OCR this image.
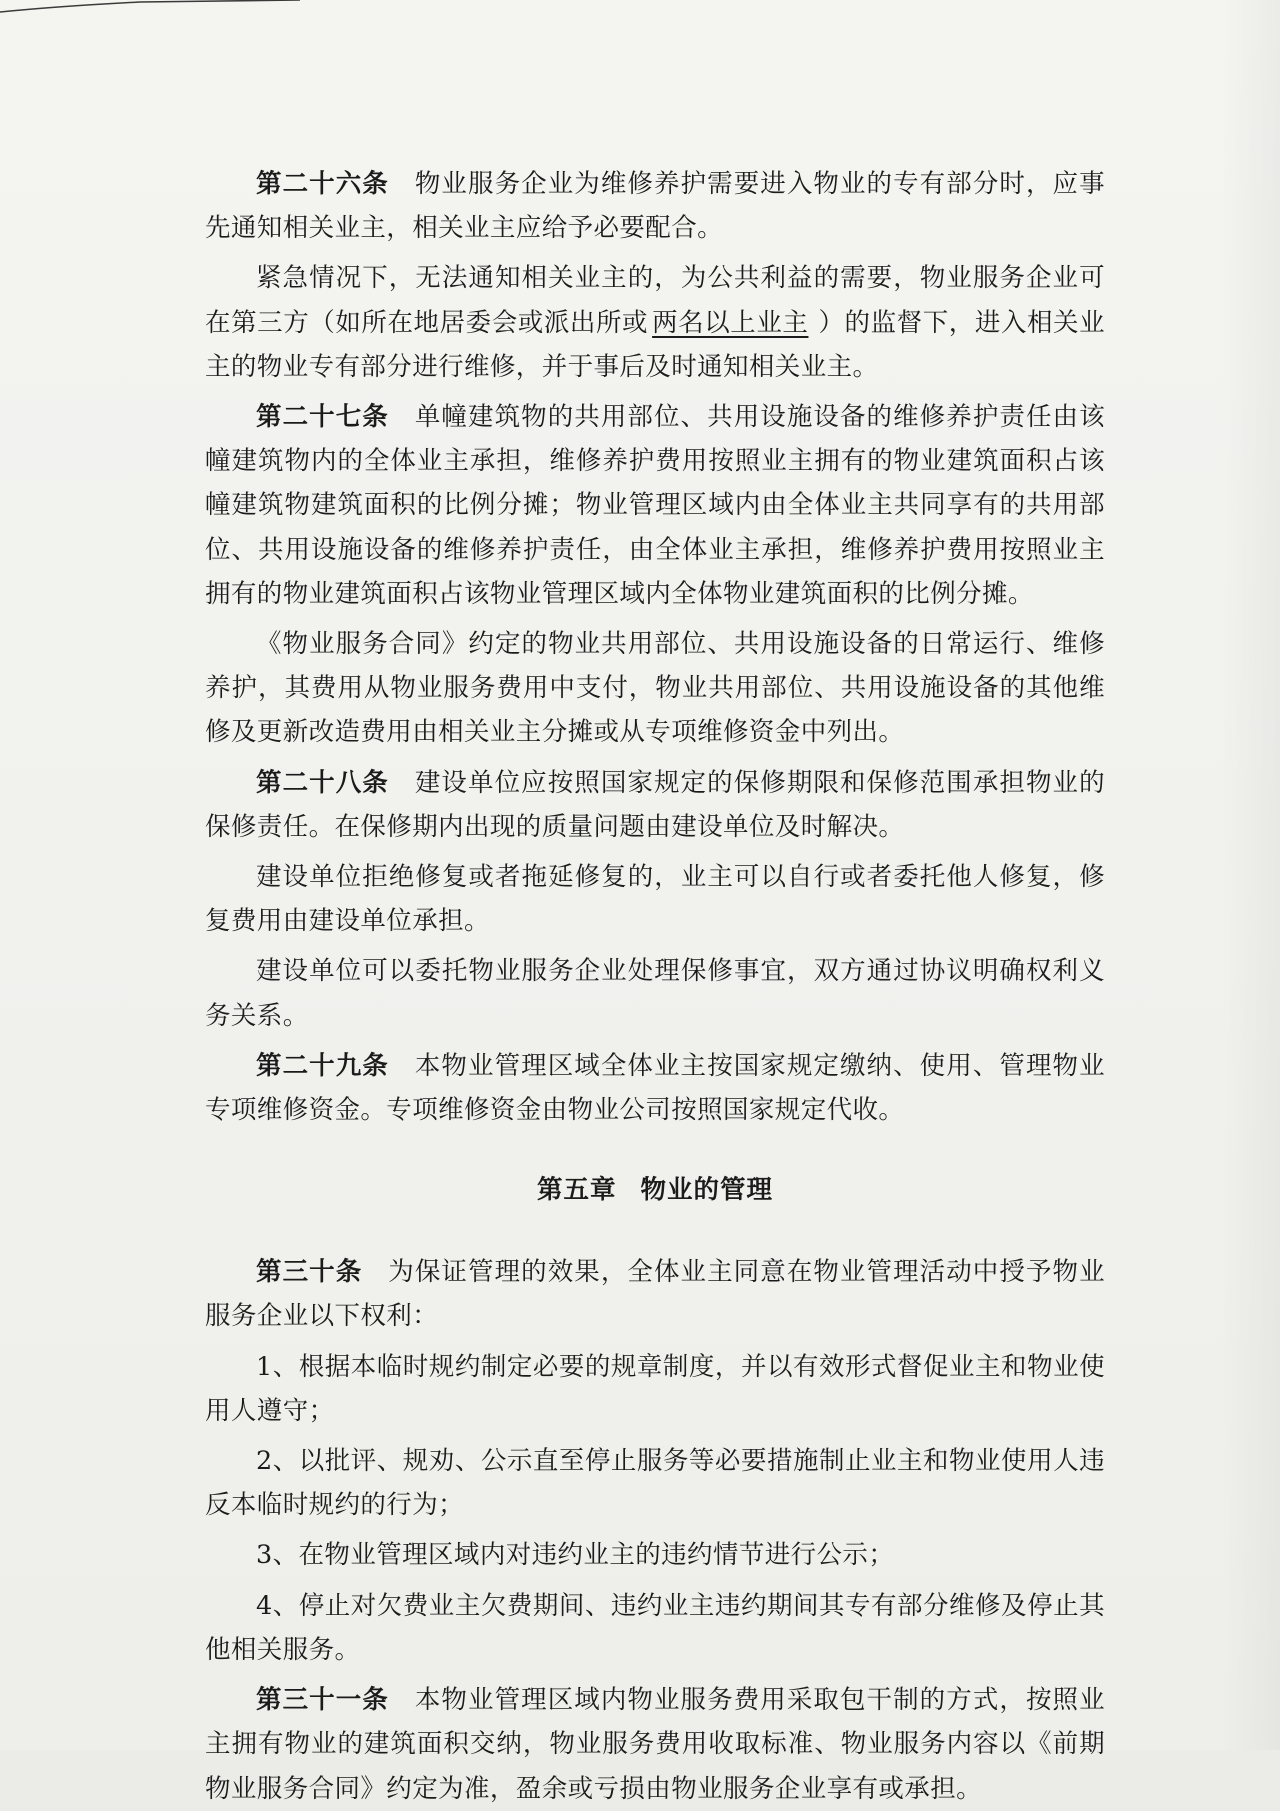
第二十六条 物业服务企业为维修养护需要进入物业的专有部分时，应事先通知相关业主，相关业主应给予必要配合。

紧急情况下，无法通知相关业主的，为公共利益的需要，物业服务企业可在第三方（如所在地居委会或派出所或 两名以上业主 ）的监督下，进入相关业主的物业专有部分进行维修，并于事后及时通知相关业主。

第二十七条 单幢建筑物的共用部位、共用设施设备的维修养护责任由该幢建筑物内的全体业主承担，维修养护费用按照业主拥有的物业建筑面积占该幢建筑物建筑面积的比例分摊；物业管理区域内由全体业主共同享有的共用部位、共用设施设备的维修养护责任，由全体业主承担，维修养护费用按照业主拥有的物业建筑面积占该物业管理区域内全体物业建筑面积的比例分摊。

《物业服务合同》约定的物业共用部位、共用设施设备的日常运行、维修养护，其费用从物业服务费用中支付，物业共用部位、共用设施设备的其他维修及更新改造费用由相关业主分摊或从专项维修资金中列出。

第二十八条 建设单位应按照国家规定的保修期限和保修范围承担物业的保修责任。在保修期内出现的质量问题由建设单位及时解决。

建设单位拒绝修复或者拖延修复的，业主可以自行或者委托他人修复，修复费用由建设单位承担。

建设单位可以委托物业服务企业处理保修事宜，双方通过协议明确权利义务关系。

第二十九条 本物业管理区域全体业主按国家规定缴纳、使用、管理物业专项维修资金。专项维修资金由物业公司按照国家规定代收。

第五章 物业的管理

第三十条 为保证管理的效果，全体业主同意在物业管理活动中授予物业服务企业以下权利：

1、根据本临时规约制定必要的规章制度，并以有效形式督促业主和物业使用人遵守；

2、以批评、规劝、公示直至停止服务等必要措施制止业主和物业使用人违反本临时规约的行为；

3、在物业管理区域内对违约业主的违约情节进行公示；

4、停止对欠费业主欠费期间、违约业主违约期间其专有部分维修及停止其他相关服务。

第三十一条 本物业管理区域内物业服务费用采取包干制的方式，按照业主拥有物业的建筑面积交纳，物业服务费用收取标准、物业服务内容以《前期物业服务合同》约定为准，盈余或亏损由物业服务企业享有或承担。
